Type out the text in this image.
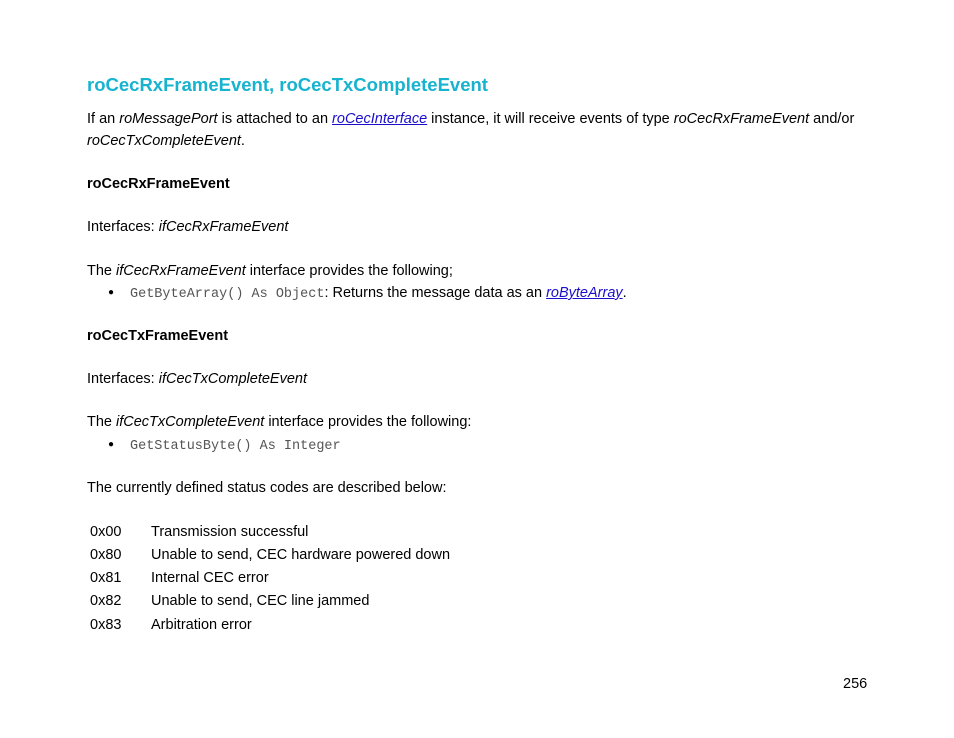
roCecRxFrameEvent, roCecTxCompleteEvent
If an roMessagePort is attached to an roCecInterface instance, it will receive events of type roCecRxFrameEvent and/or
roCecTxCompleteEvent.
roCecRxFrameEvent
Interfaces: ifCecRxFrameEvent
The ifCecRxFrameEvent interface provides the following;
● GetByteArray() As Object: Returns the message data as an roByteArray.
roCecTxFrameEvent
Interfaces: ifCecTxCompleteEvent
The ifCecTxCompleteEvent interface provides the following:
● GetStatusByte() As Integer
The currently defined status codes are described below:
0x00 Transmission successful
0x80 Unable to send, CEC hardware powered down
0x81 Internal CEC error
0x82 Unable to send, CEC line jammed
0x83 Arbitration error
256
